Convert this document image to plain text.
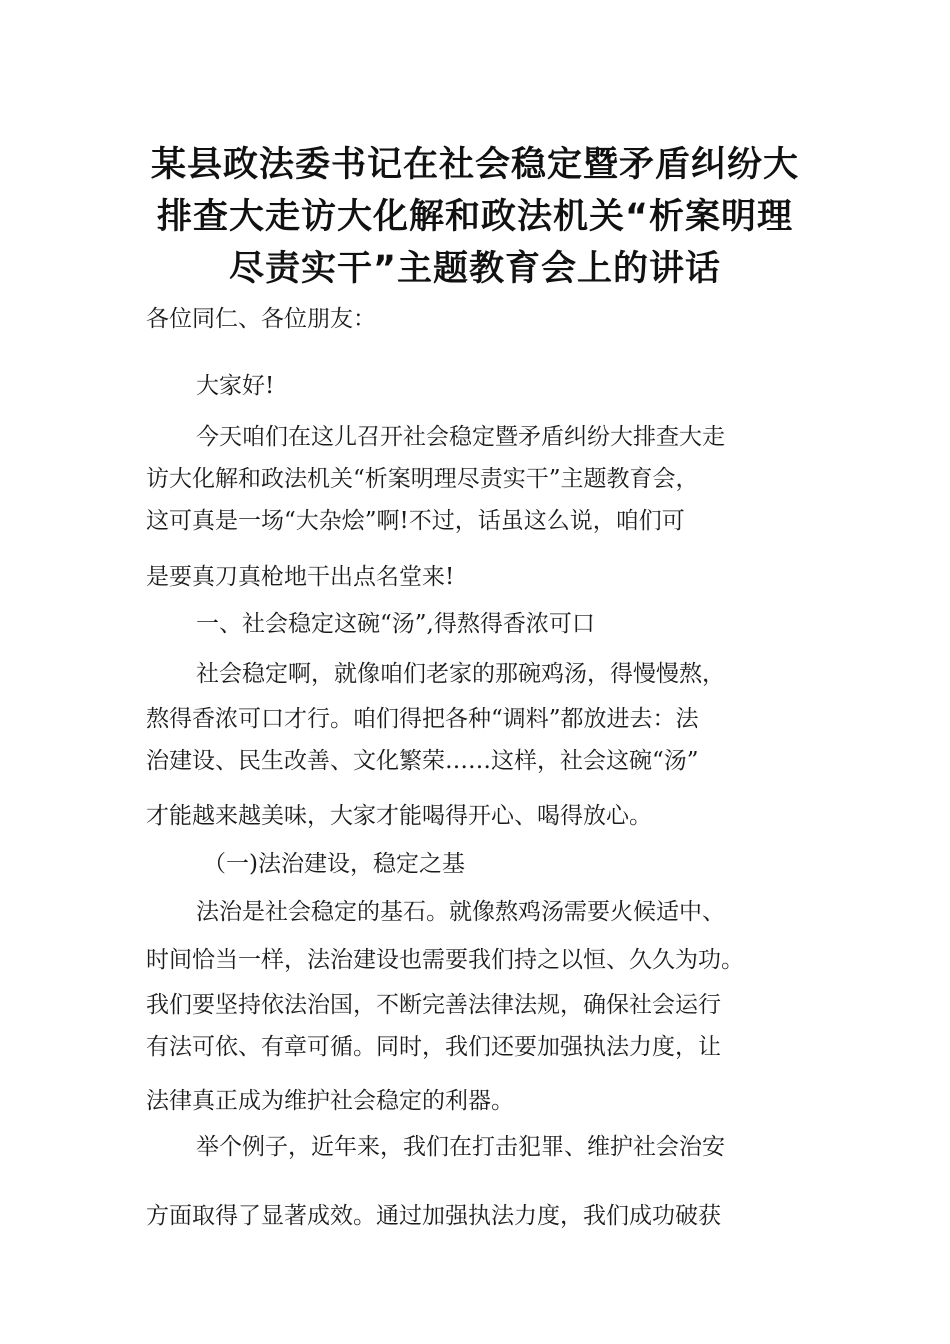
某县政法委书记在社会稳定暨矛盾纠纷大
排查大走访大化解和政法机关“析案明理
尽责实干”主题教育会上的讲话
各位同仁、各位朋友：
大家好!
今天咱们在这儿召开社会稳定暨矛盾纠纷大排查大走
访大化解和政法机关“析案明理尽责实干”主题教育会，
这可真是一场“大杂烩”啊!不过，话虽这么说，咱们可
是要真刀真枪地干出点名堂来!
一、社会稳定这碗“汤”,得熬得香浓可口
社会稳定啊，就像咱们老家的那碗鸡汤，得慢慢熬，
熬得香浓可口才行。咱们得把各种“调料”都放进去：法
治建设、民生改善、文化繁荣……这样，社会这碗“汤”
才能越来越美味，大家才能喝得开心、喝得放心。
（一)法治建设，稳定之基
法治是社会稳定的基石。就像熬鸡汤需要火候适中、
时间恰当一样，法治建设也需要我们持之以恒、久久为功。
我们要坚持依法治国，不断完善法律法规，确保社会运行
有法可依、有章可循。同时，我们还要加强执法力度，让
法律真正成为维护社会稳定的利器。
举个例子，近年来，我们在打击犯罪、维护社会治安
方面取得了显著成效。通过加强执法力度，我们成功破获
